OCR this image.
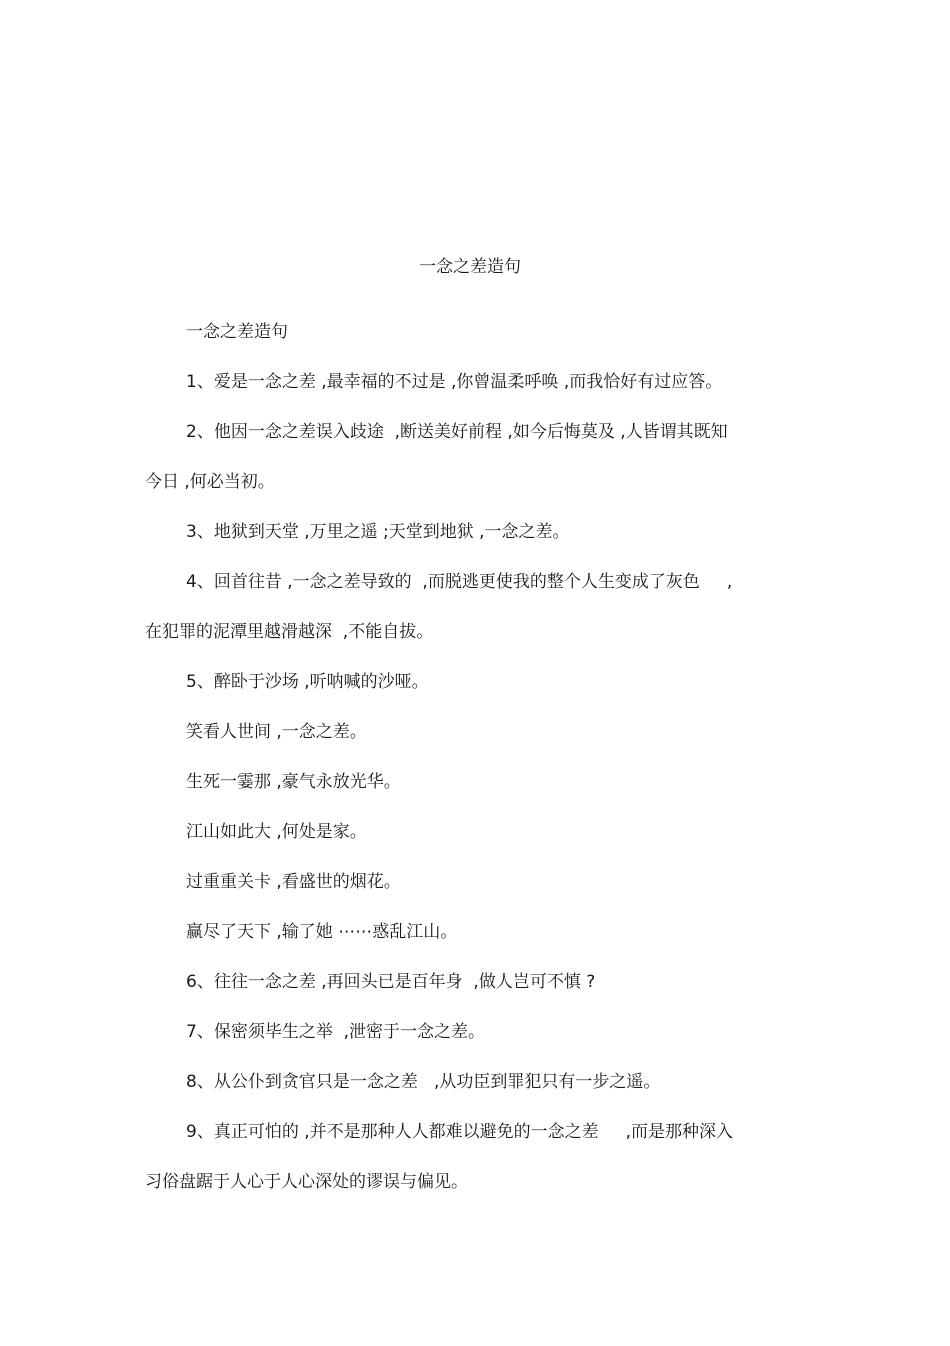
一念之差造句
一念之差造句
1、爱是一念之差 ,最幸福的不过是 ,你曾温柔呼唤 ,而我恰好有过应答。
2、他因一念之差误入歧途  ,断送美好前程 ,如今后悔莫及 ,人皆谓其既知
今日 ,何必当初。
3、地狱到天堂 ,万里之遥 ;天堂到地狱 ,一念之差。
4、回首往昔 ,一念之差导致的  ,而脱逃更使我的整个人生变成了灰色     ,
在犯罪的泥潭里越滑越深  ,不能自拔。
5、醉卧于沙场 ,听呐喊的沙哑。
笑看人世间 ,一念之差。
生死一霎那 ,豪气永放光华。
江山如此大 ,何处是家。
过重重关卡 ,看盛世的烟花。
赢尽了天下 ,输了她 ⋯⋯惑乱江山。
6、往往一念之差 ,再回头已是百年身  ,做人岂可不慎 ?
7、保密须毕生之举  ,泄密于一念之差。
8、从公仆到贪官只是一念之差   ,从功臣到罪犯只有一步之遥。
9、真正可怕的 ,并不是那种人人都难以避免的一念之差     ,而是那种深入
习俗盘踞于人心于人心深处的谬误与偏见。
